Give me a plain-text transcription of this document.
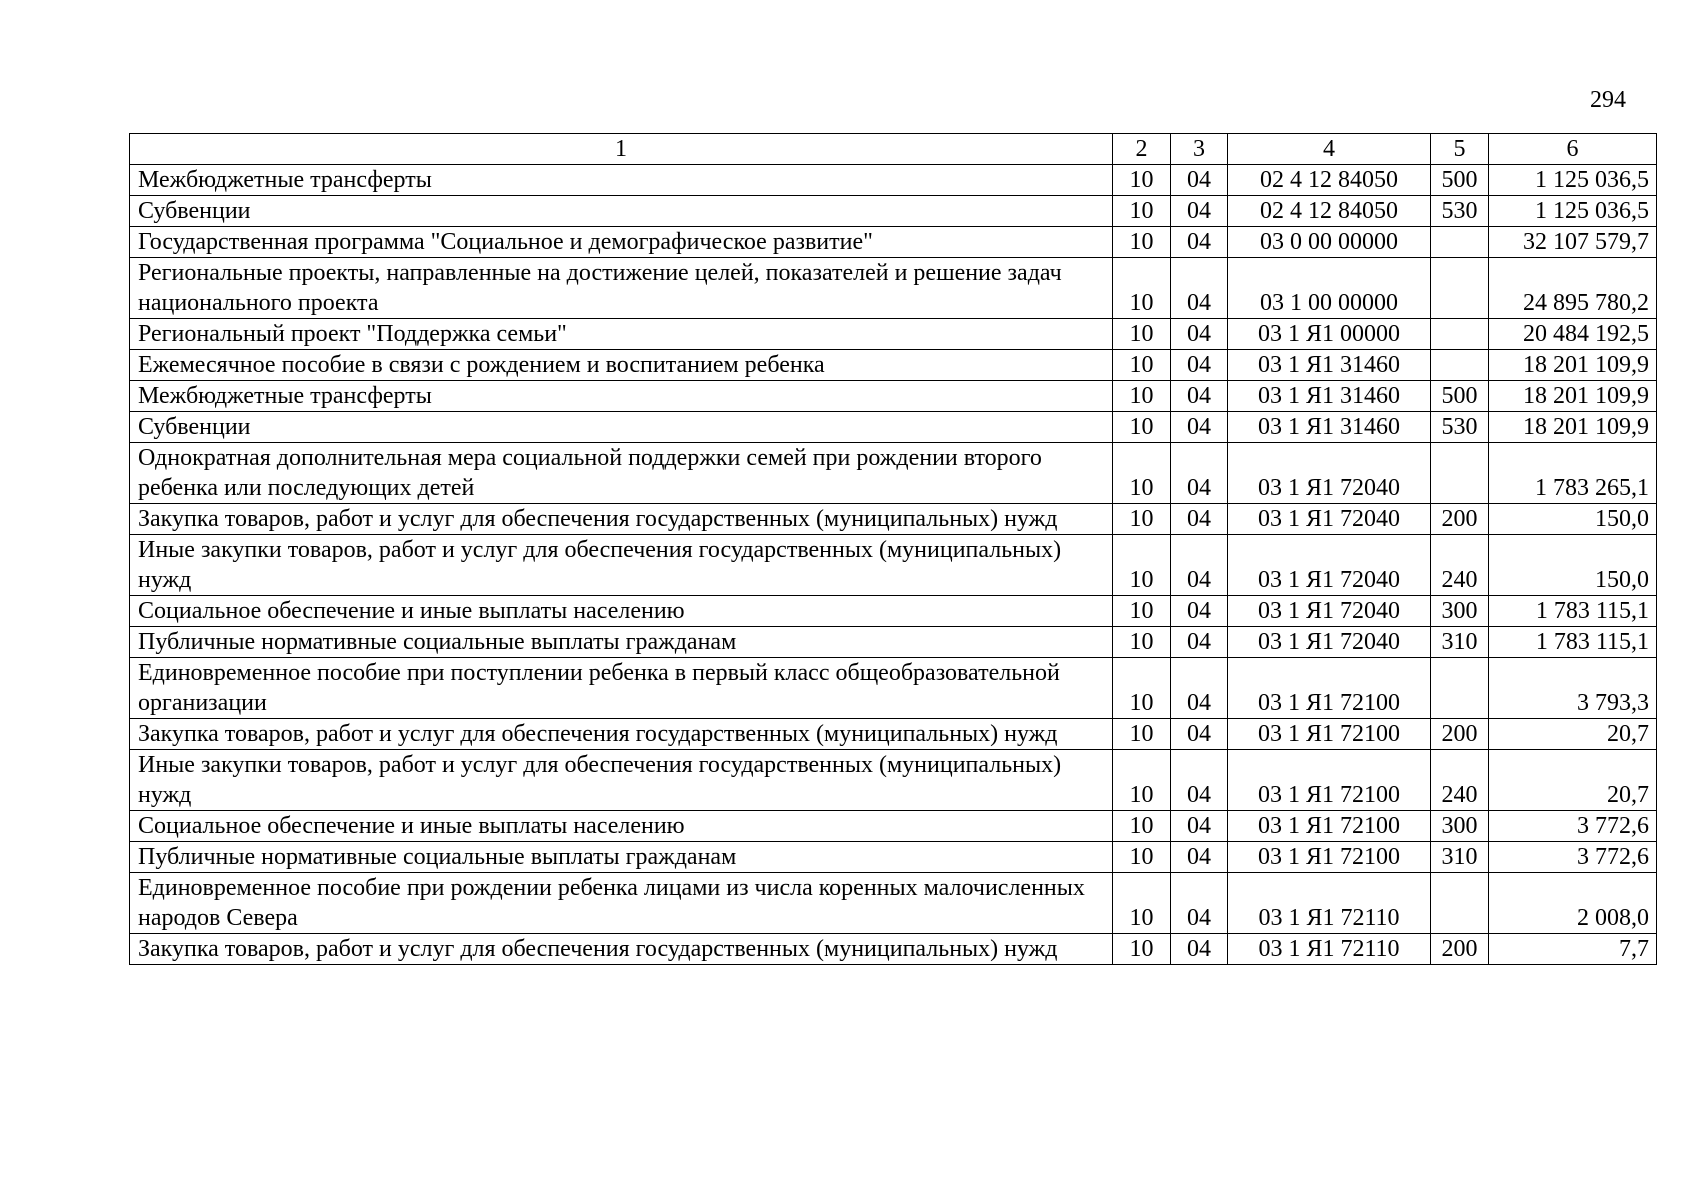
294
1	2	3	4	5	6
Межбюджетные трансферты	10	04	02 4 12 84050	500	1 125 036,5
Субвенции	10	04	02 4 12 84050	530	1 125 036,5
Государственная программа "Социальное и демографическое развитие"	10	04	03 0 00 00000		32 107 579,7
Региональные проекты, направленные на достижение целей, показателей и решение задач национального проекта	10	04	03 1 00 00000		24 895 780,2
Региональный проект "Поддержка семьи"	10	04	03 1 Я1 00000		20 484 192,5
Ежемесячное пособие в связи с рождением и воспитанием ребенка	10	04	03 1 Я1 31460		18 201 109,9
Межбюджетные трансферты	10	04	03 1 Я1 31460	500	18 201 109,9
Субвенции	10	04	03 1 Я1 31460	530	18 201 109,9
Однократная дополнительная мера социальной поддержки семей при рождении второго ребенка или последующих детей	10	04	03 1 Я1 72040		1 783 265,1
Закупка товаров, работ и услуг для обеспечения государственных (муниципальных) нужд	10	04	03 1 Я1 72040	200	150,0
Иные закупки товаров, работ и услуг для обеспечения государственных (муниципальных) нужд	10	04	03 1 Я1 72040	240	150,0
Социальное обеспечение и иные выплаты населению	10	04	03 1 Я1 72040	300	1 783 115,1
Публичные нормативные социальные выплаты гражданам	10	04	03 1 Я1 72040	310	1 783 115,1
Единовременное пособие при поступлении ребенка в первый класс общеобразовательной организации	10	04	03 1 Я1 72100		3 793,3
Закупка товаров, работ и услуг для обеспечения государственных (муниципальных) нужд	10	04	03 1 Я1 72100	200	20,7
Иные закупки товаров, работ и услуг для обеспечения государственных (муниципальных) нужд	10	04	03 1 Я1 72100	240	20,7
Социальное обеспечение и иные выплаты населению	10	04	03 1 Я1 72100	300	3 772,6
Публичные нормативные социальные выплаты гражданам	10	04	03 1 Я1 72100	310	3 772,6
Единовременное пособие при рождении ребенка лицами из числа коренных малочисленных народов Севера	10	04	03 1 Я1 72110		2 008,0
Закупка товаров, работ и услуг для обеспечения государственных (муниципальных) нужд	10	04	03 1 Я1 72110	200	7,7
